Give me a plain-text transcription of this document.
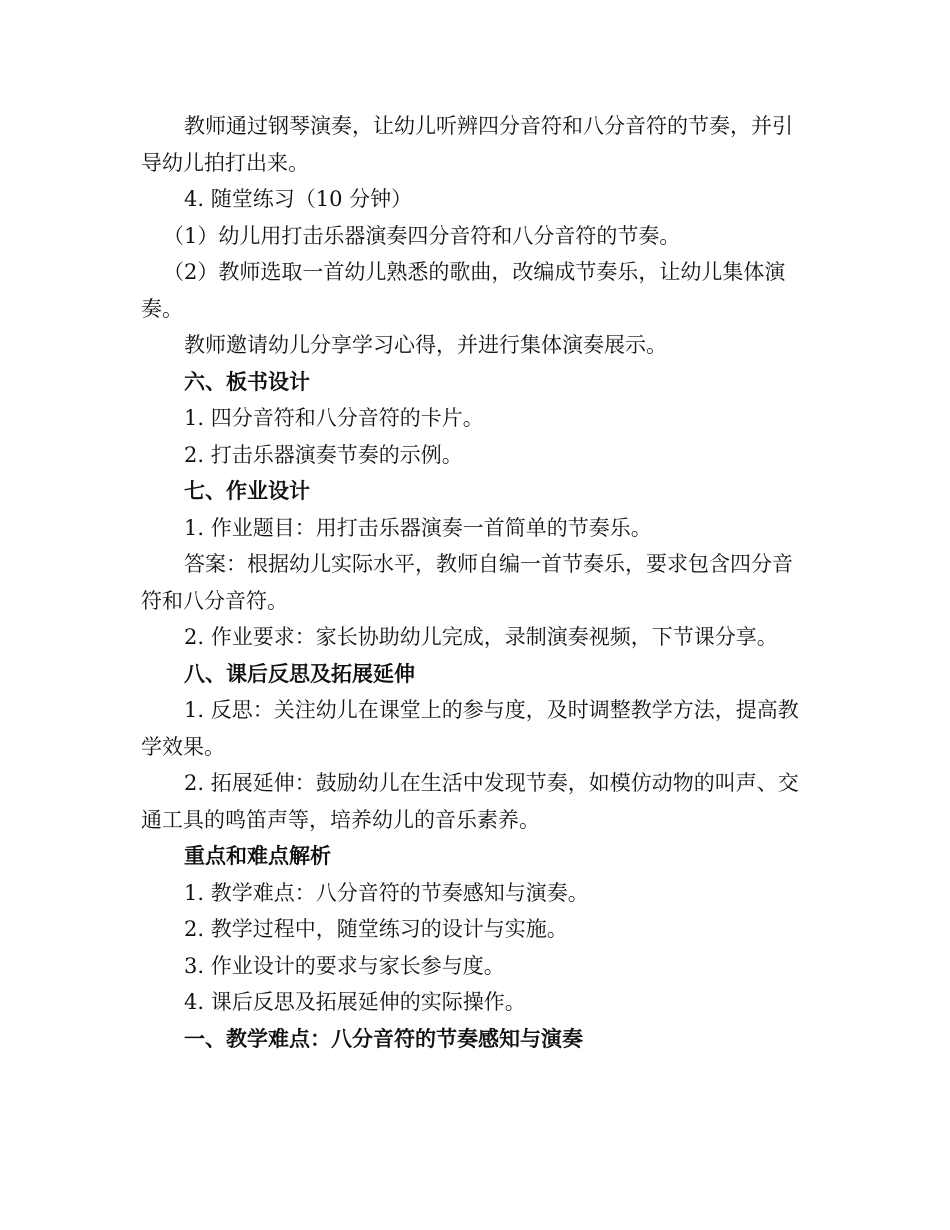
教师通过钢琴演奏，让幼儿听辨四分音符和八分音符的节奏，并引导幼儿拍打出来。

4. 随堂练习（10 分钟）

（1）幼儿用打击乐器演奏四分音符和八分音符的节奏。

（2）教师选取一首幼儿熟悉的歌曲，改编成节奏乐，让幼儿集体演奏。

教师邀请幼儿分享学习心得，并进行集体演奏展示。

六、板书设计

1. 四分音符和八分音符的卡片。

2. 打击乐器演奏节奏的示例。

七、作业设计

1. 作业题目：用打击乐器演奏一首简单的节奏乐。

答案：根据幼儿实际水平，教师自编一首节奏乐，要求包含四分音符和八分音符。

2. 作业要求：家长协助幼儿完成，录制演奏视频，下节课分享。

八、课后反思及拓展延伸

1. 反思：关注幼儿在课堂上的参与度，及时调整教学方法，提高教学效果。

2. 拓展延伸：鼓励幼儿在生活中发现节奏，如模仿动物的叫声、交通工具的鸣笛声等，培养幼儿的音乐素养。

重点和难点解析

1. 教学难点：八分音符的节奏感知与演奏。

2. 教学过程中，随堂练习的设计与实施。

3. 作业设计的要求与家长参与度。

4. 课后反思及拓展延伸的实际操作。

一、教学难点：八分音符的节奏感知与演奏
